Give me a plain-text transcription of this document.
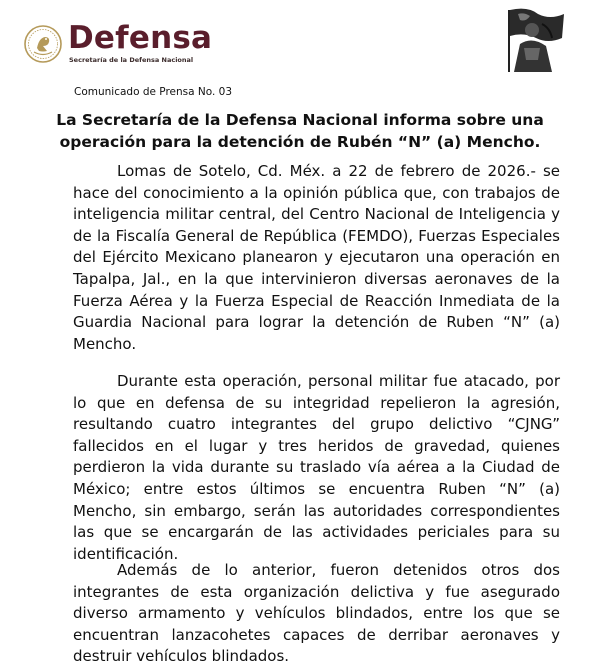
Defensa
Secretaría de la Defensa Nacional
Comunicado de Prensa No. 03
La Secretaría de la Defensa Nacional informa sobre una operación para la detención de Rubén “N” (a) Mencho.

Lomas de Sotelo, Cd. Méx. a 22 de febrero de 2026.- se hace del conocimiento a la opinión pública que, con trabajos de inteligencia militar central, del Centro Nacional de Inteligencia y de la Fiscalía General de República (FEMDO), Fuerzas Especiales del Ejército Mexicano planearon y ejecutaron una operación en Tapalpa, Jal., en la que intervinieron diversas aeronaves de la Fuerza Aérea y la Fuerza Especial de Reacción Inmediata de la Guardia Nacional para lograr la detención de Ruben “N” (a) Mencho.

Durante esta operación, personal militar fue atacado, por lo que en defensa de su integridad repelieron la agresión, resultando cuatro integrantes del grupo delictivo “CJNG” fallecidos en el lugar y tres heridos de gravedad, quienes perdieron la vida durante su traslado vía aérea a la Ciudad de México; entre estos últimos se encuentra Ruben “N” (a) Mencho, sin embargo, serán las autoridades correspondientes las que se encargarán de las actividades periciales para su identificación.

Además de lo anterior, fueron detenidos otros dos integrantes de esta organización delictiva y fue asegurado diverso armamento y vehículos blindados, entre los que se encuentran lanzacohetes capaces de derribar aeronaves y destruir vehículos blindados.
